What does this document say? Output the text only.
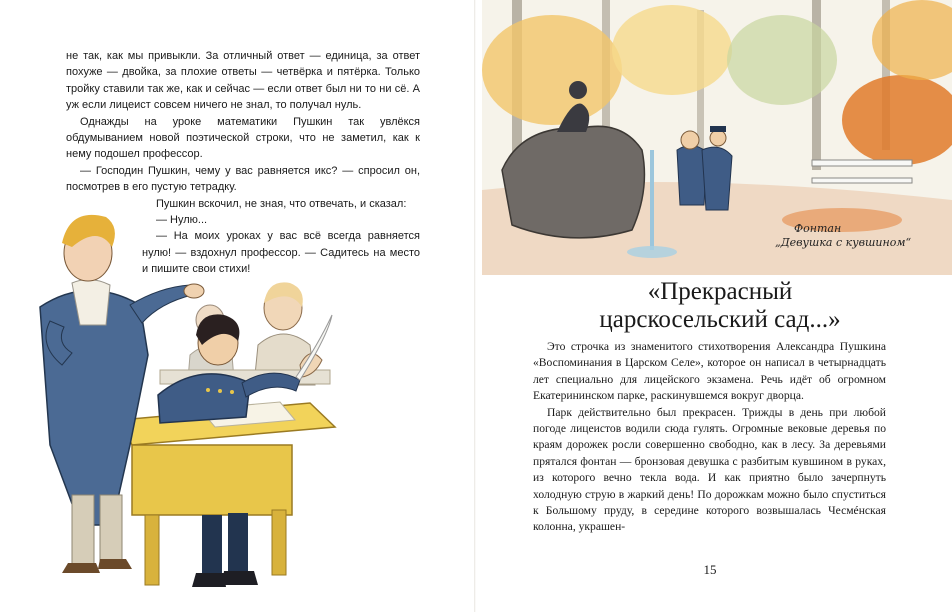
не так, как мы привыкли. За отличный ответ — единица, за ответ похуже — двойка, за плохие ответы — четвёрка и пятёрка. Только тройку ставили так же, как и сейчас — если ответ был ни то ни сё. А уж если лицеист совсем ничего не знал, то получал нуль.

Однажды на уроке математики Пушкин так увлёкся обдумыванием новой поэтической строки, что не заметил, как к нему подошел профессор.

— Господин Пушкин, чему у вас равняется икс? — спросил он, посмотрев в его пустую тетрадку.

Пушкин вскочил, не зная, что отвечать, и сказал:

— Нулю...

— На моих уроках у вас всё всегда равняется нулю! — вздохнул профессор. — Садитесь на место и пишите свои стихи!

Фонтан
„Девушка с кувшином“
«Прекрасный
царскосельский сад...»

Это строчка из знаменитого стихотворения Александра Пушкина «Воспоминания в Царском Селе», которое он написал в четырнадцать лет специально для лицейского экзамена. Речь идёт об огромном Екатерининском парке, раскинувшемся вокруг дворца.

Парк действительно был прекрасен. Трижды в день при любой погоде лицеистов водили сюда гулять. Огромные вековые деревья по краям дорожек росли совершенно свободно, как в лесу. За деревьями прятался фонтан — бронзовая девушка с разбитым кувшином в руках, из которого вечно текла вода. И как приятно было зачерпнуть холодную струю в жаркий день! По дорожкам можно было спуститься к Большому пруду, в середине которого возвышалась Чесмéнская колонна, украшен-

15
